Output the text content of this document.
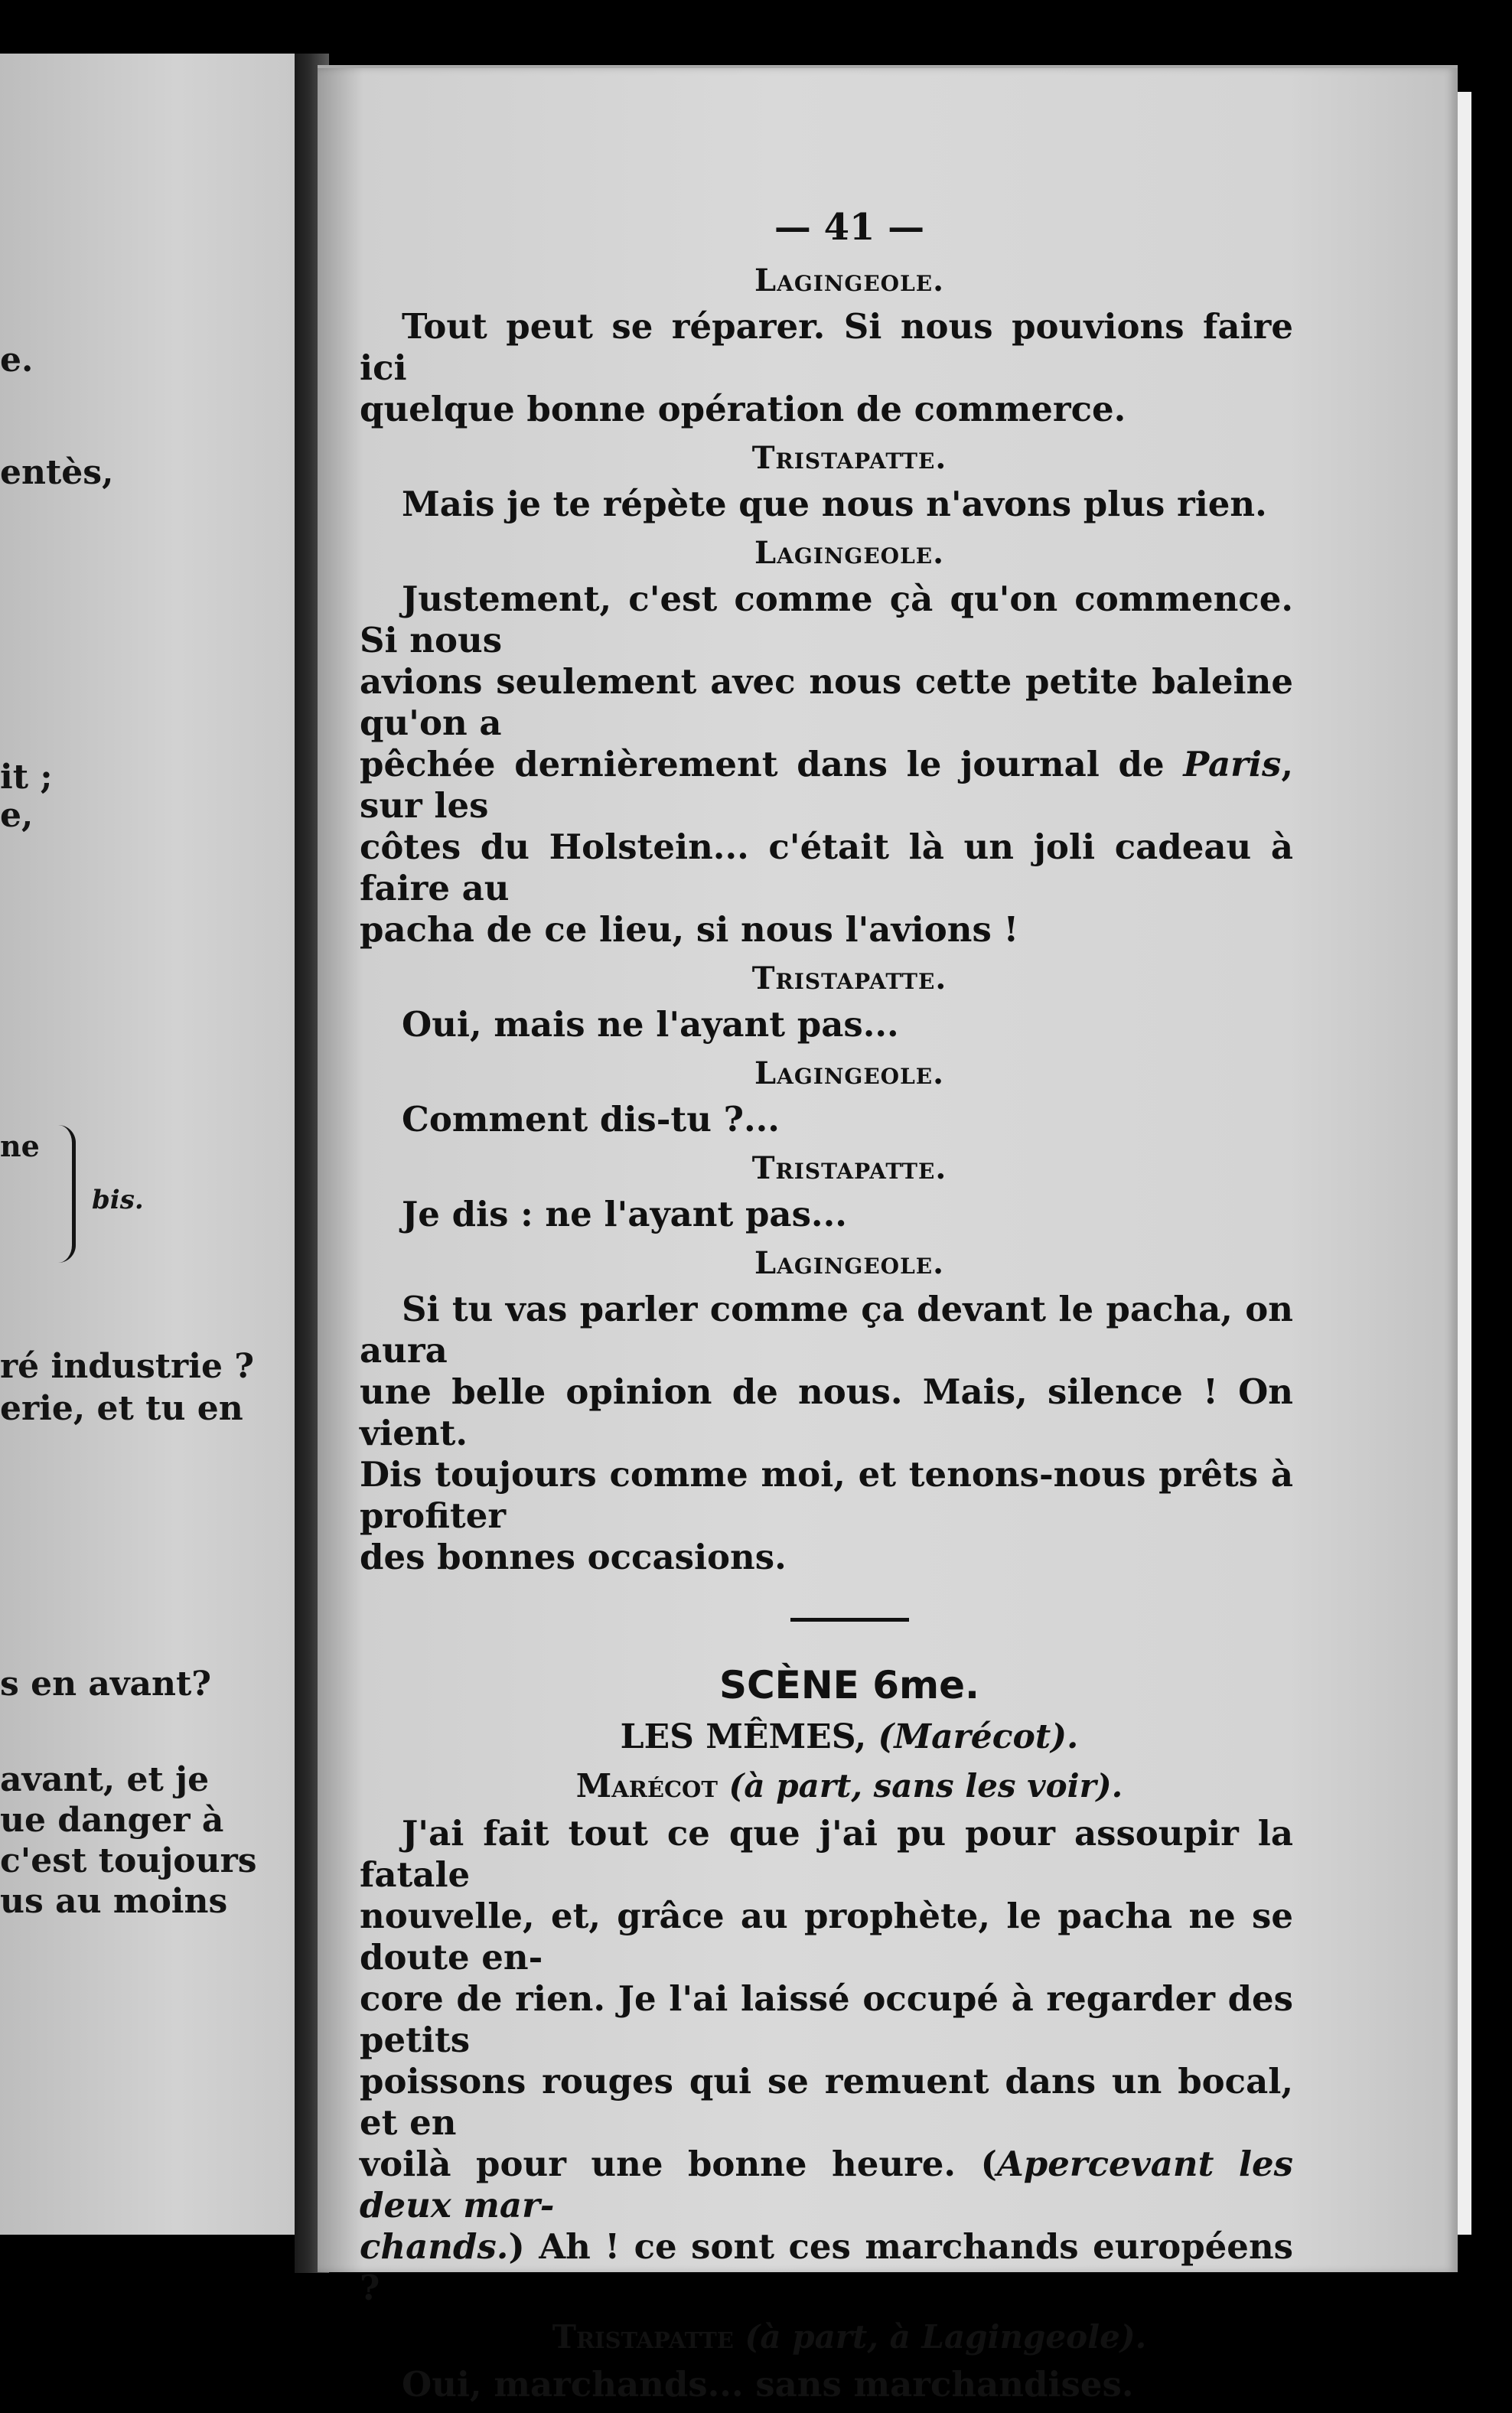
e.
entès,
it ;
e,
ne
bis.
ré industrie ?
erie, et tu en
s en avant?
avant, et je
ue danger à
c'est toujours
us au moins
— 41 —
Lagingeole.
Tout peut se réparer. Si nous pouvions faire ici
quelque bonne opération de commerce.
Tristapatte.
Mais je te répète que nous n'avons plus rien.
Lagingeole.
Justement, c'est comme çà qu'on commence. Si nous
avions seulement avec nous cette petite baleine qu'on a
pêchée dernièrement dans le journal de Paris, sur les
côtes du Holstein... c'était là un joli cadeau à faire au
pacha de ce lieu, si nous l'avions !
Tristapatte.
Oui, mais ne l'ayant pas...
Lagingeole.
Comment dis-tu ?...
Tristapatte.
Je dis : ne l'ayant pas...
Lagingeole.
Si tu vas parler comme ça devant le pacha, on aura
une belle opinion de nous. Mais, silence ! On vient.
Dis toujours comme moi, et tenons-nous prêts à profiter
des bonnes occasions.
SCÈNE 6me.
LES MÊMES, (Marécot).
Marécot (à part, sans les voir).
J'ai fait tout ce que j'ai pu pour assoupir la fatale
nouvelle, et, grâce au prophète, le pacha ne se doute en-
core de rien. Je l'ai laissé occupé à regarder des petits
poissons rouges qui se remuent dans un bocal, et en
voilà pour une bonne heure. (Apercevant les deux mar-
chands.) Ah ! ce sont ces marchands européens ?
Tristapatte (à part, à Lagingeole).
Oui, marchands... sans marchandises.
